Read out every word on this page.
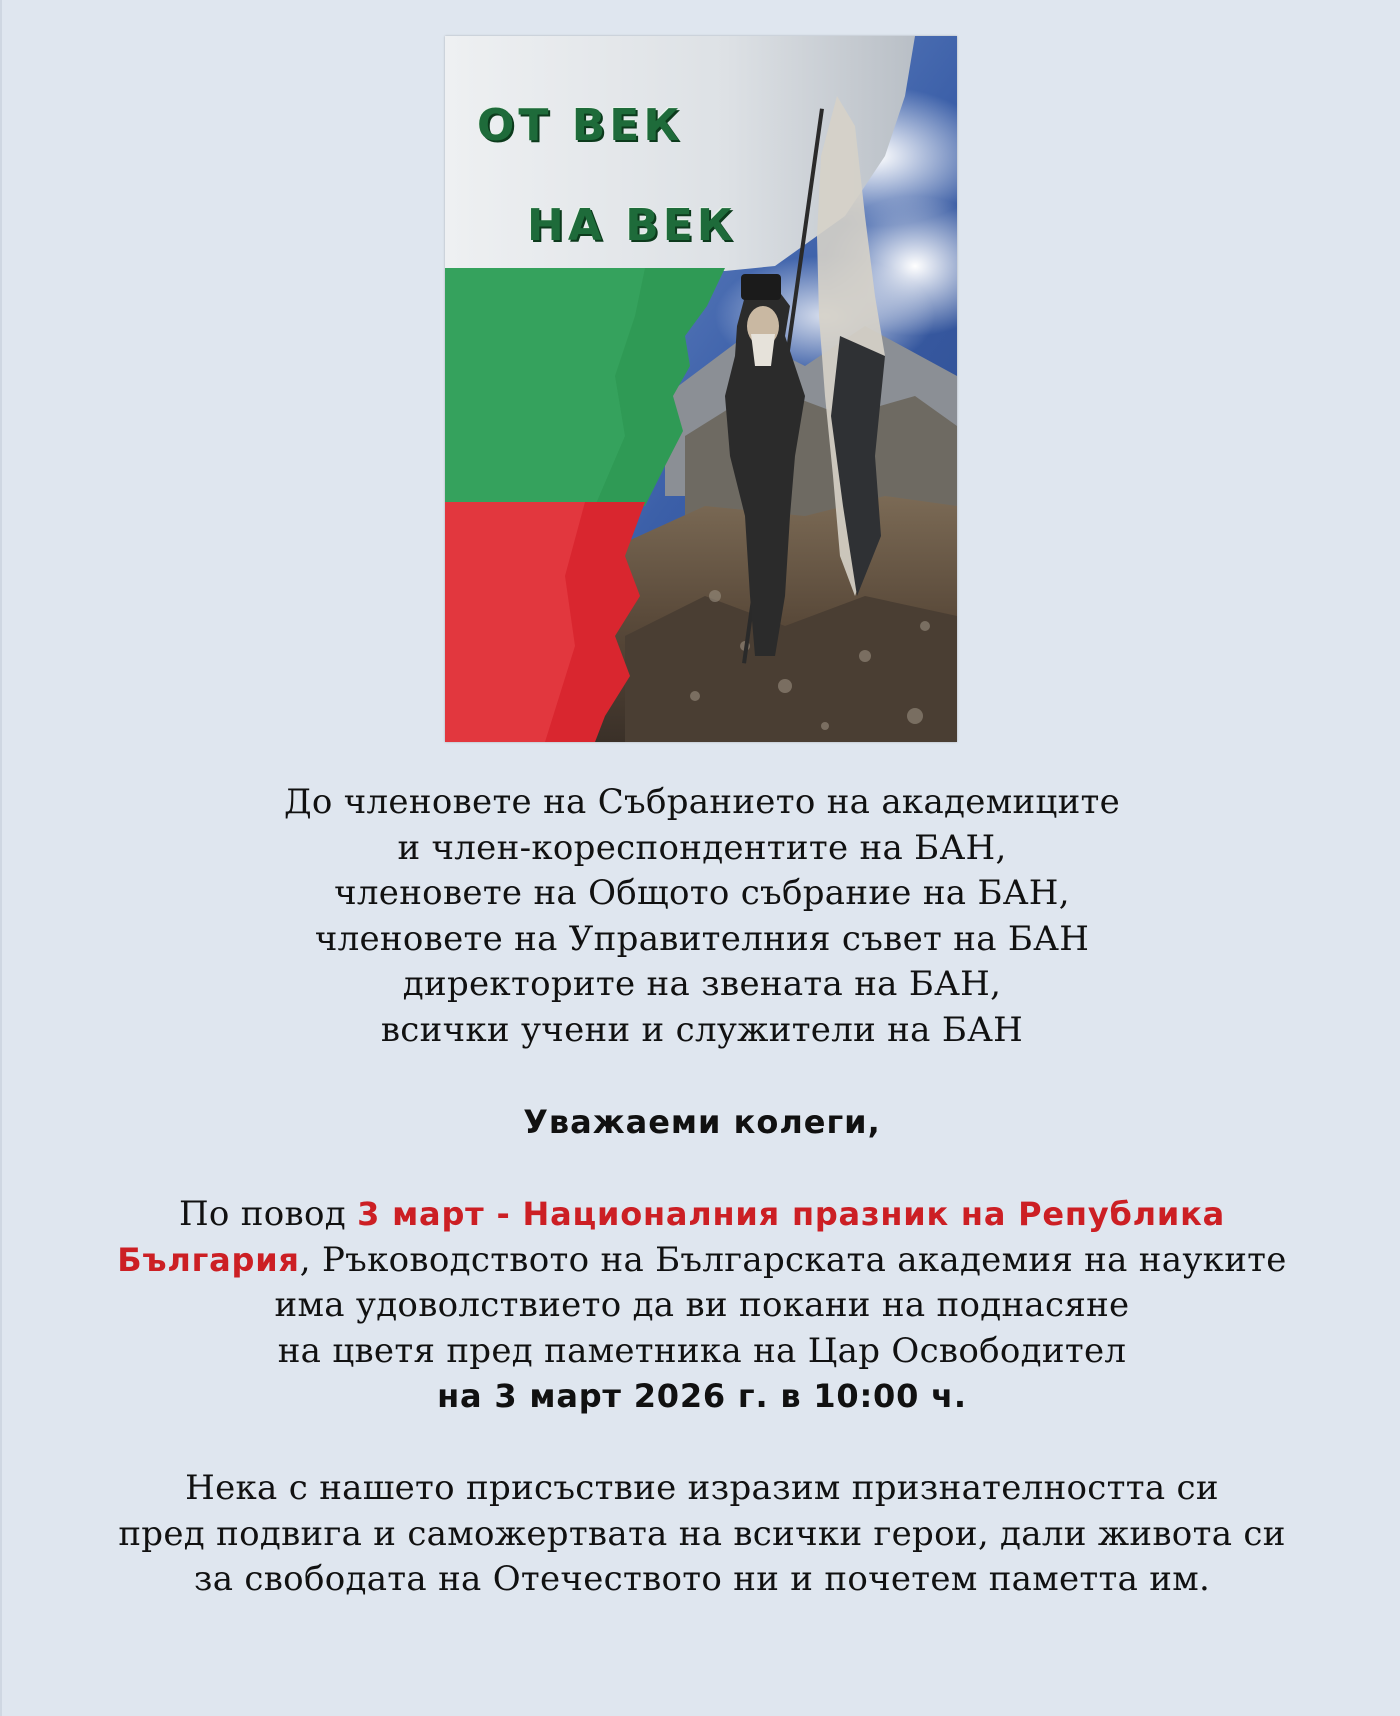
ОТ ВЕК
НА ВЕК
До членовете на Събранието на академиците
и член-кореспондентите на БАН,
членовете на Общото събрание на БАН,
членовете на Управителния съвет на БАН
директорите на звената на БАН,
всички учени и служители на БАН
Уважаеми колеги,
По повод 3 март - Националния празник на Република
България, Ръководството на Българската академия на науките
има удоволствието да ви покани на поднасяне
на цветя пред паметника на Цар Освободител
на 3 март 2026 г. в 10:00 ч.
Нека с нашето присъствие изразим признателността си
пред подвига и саможертвата на всички герои, дали живота си
за свободата на Отечеството ни и почетем паметта им.
